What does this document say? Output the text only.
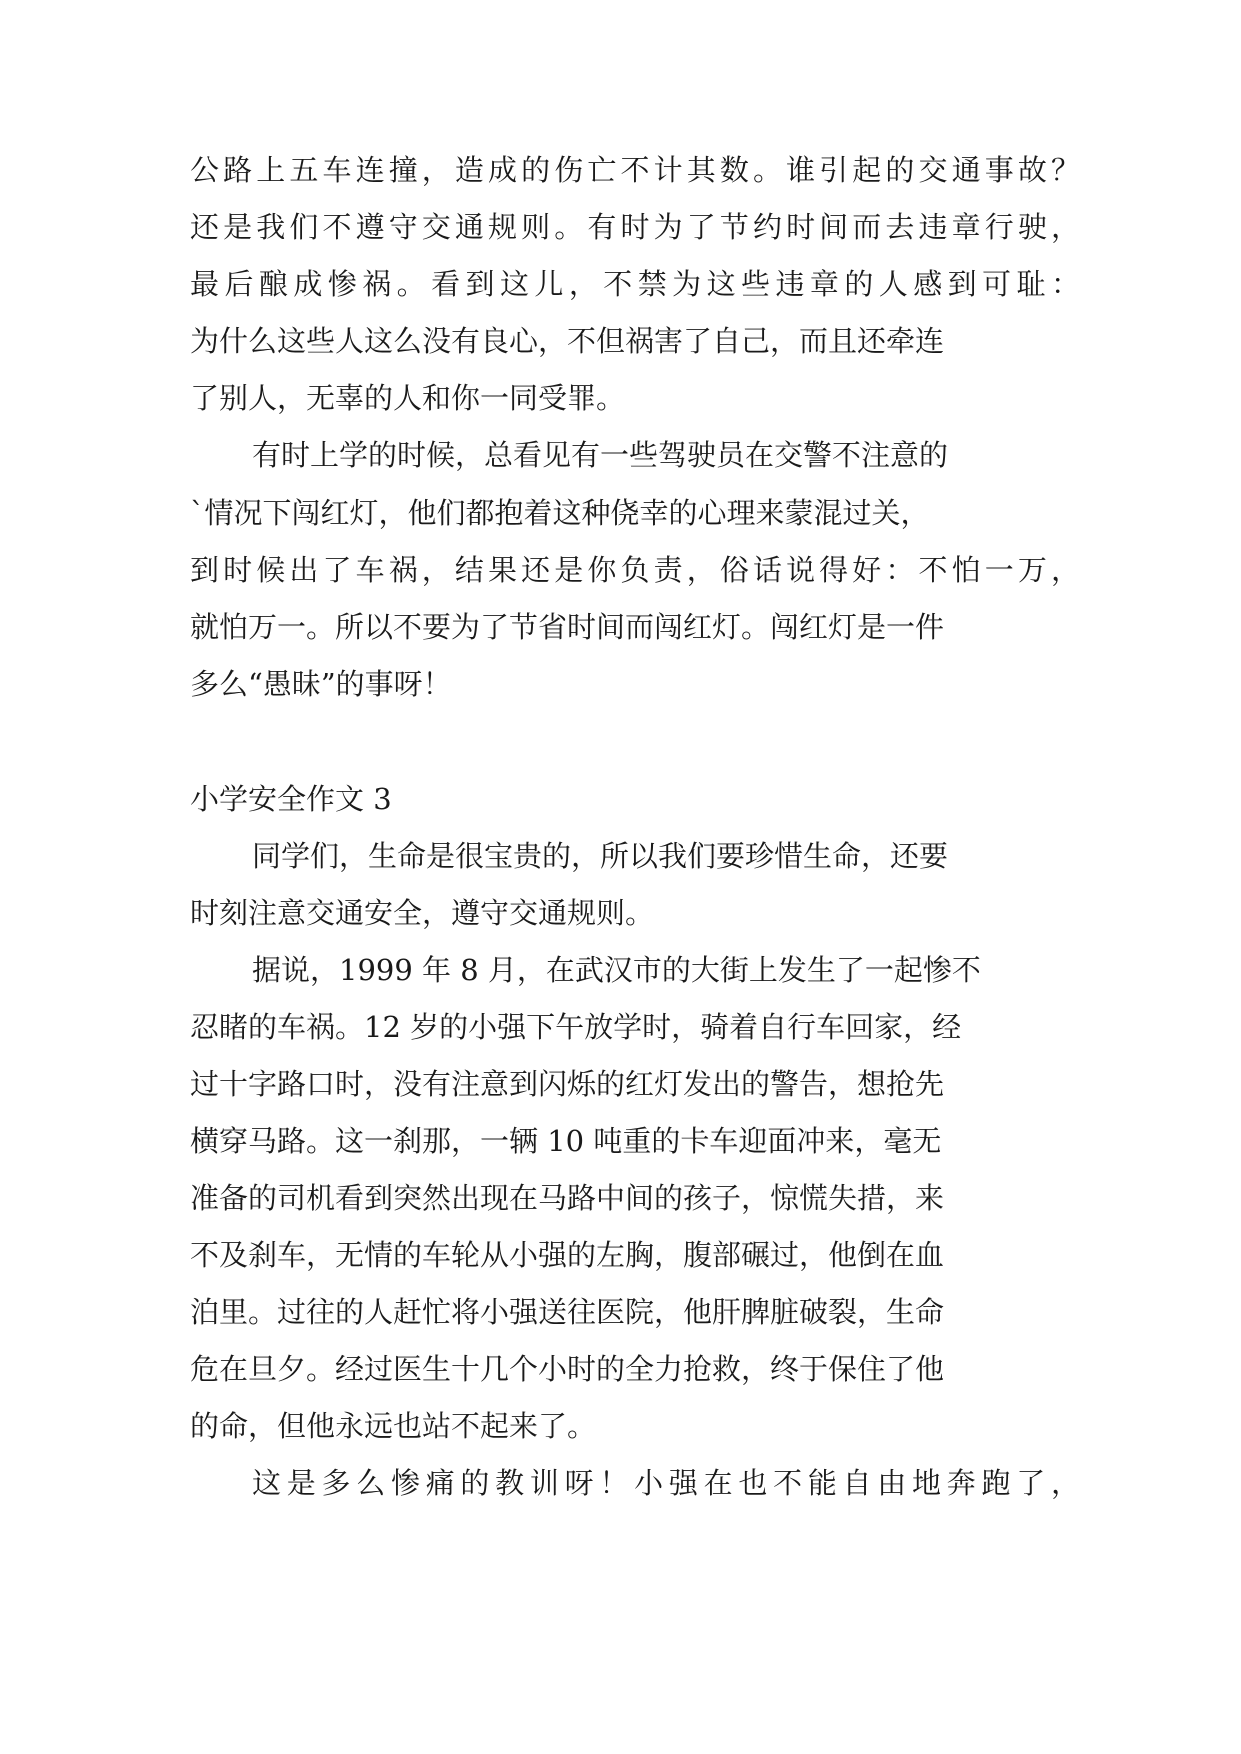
公路上五车连撞，造成的伤亡不计其数。谁引起的交通事故？
还是我们不遵守交通规则。有时为了节约时间而去违章行驶，
最后酿成惨祸。看到这儿，不禁为这些违章的人感到可耻：
为什么这些人这么没有良心，不但祸害了自己，而且还牵连
了别人，无辜的人和你一同受罪。
有时上学的时候，总看见有一些驾驶员在交警不注意的
`情况下闯红灯，他们都抱着这种侥幸的心理来蒙混过关，
到时候出了车祸，结果还是你负责，俗话说得好：不怕一万，
就怕万一。所以不要为了节省时间而闯红灯。闯红灯是一件
多么“愚昧”的事呀！
小学安全作文 3
同学们，生命是很宝贵的，所以我们要珍惜生命，还要
时刻注意交通安全，遵守交通规则。
据说，1999 年 8 月，在武汉市的大街上发生了一起惨不
忍睹的车祸。12 岁的小强下午放学时，骑着自行车回家，经
过十字路口时，没有注意到闪烁的红灯发出的警告，想抢先
横穿马路。这一刹那，一辆 10 吨重的卡车迎面冲来，毫无
准备的司机看到突然出现在马路中间的孩子，惊慌失措，来
不及刹车，无情的车轮从小强的左胸，腹部碾过，他倒在血
泊里。过往的人赶忙将小强送往医院，他肝脾脏破裂，生命
危在旦夕。经过医生十几个小时的全力抢救，终于保住了他
的命，但他永远也站不起来了。
这是多么惨痛的教训呀！小强在也不能自由地奔跑了，
